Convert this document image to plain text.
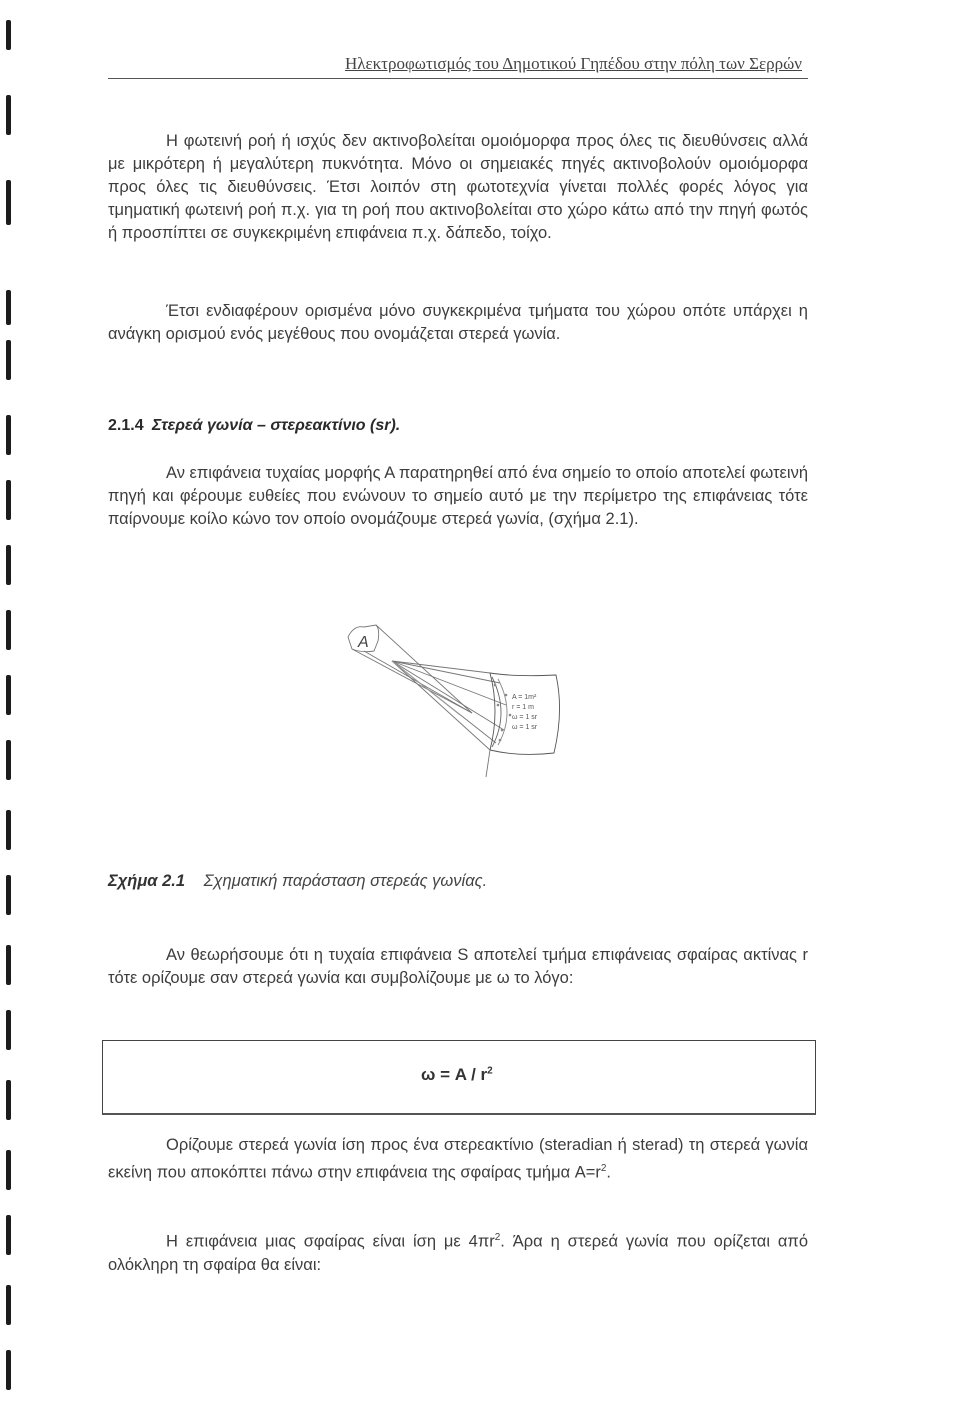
Ηλεκτροφωτισμός του Δημοτικού Γηπέδου στην πόλη των Σερρών

Η φωτεινή ροή ή ισχύς δεν ακτινοβολείται ομοιόμορφα προς όλες τις διευθύνσεις αλλά με μικρότερη ή μεγαλύτερη πυκνότητα. Μόνο οι σημειακές πηγές ακτινοβολούν ομοιόμορφα προς όλες τις διευθύνσεις. Έτσι λοιπόν στη φωτοτεχνία γίνεται πολλές φορές λόγος για τμηματική φωτεινή ροή π.χ. για τη ροή που ακτινοβολείται στο χώρο κάτω από την πηγή φωτός ή προσπίπτει σε συγκεκριμένη επιφάνεια π.χ. δάπεδο, τοίχο.

Έτσι ενδιαφέρουν ορισμένα μόνο συγκεκριμένα τμήματα του χώρου οπότε υπάρχει η ανάγκη ορισμού ενός μεγέθους που ονομάζεται στερεά γωνία.

2.1.4 Στερεά γωνία – στερεακτίνιο (sr).

Αν επιφάνεια τυχαίας μορφής Α παρατηρηθεί από ένα σημείο το οποίο αποτελεί φωτεινή πηγή και φέρουμε ευθείες που ενώνουν το σημείο αυτό με την περίμετρο της επιφάνειας τότε παίρνουμε κοίλο κώνο τον οποίο ονομάζουμε στερεά γωνία, (σχήμα 2.1).

A
A = 1m²
r = 1 m
ω = 1 sr
ω = 1 sr
Σχήμα 2.1 Σχηματική παράσταση στερεάς γωνίας.

Αν θεωρήσουμε ότι η τυχαία επιφάνεια S αποτελεί τμήμα επιφάνειας σφαίρας ακτίνας r τότε ορίζουμε σαν στερεά γωνία και συμβολίζουμε με ω το λόγο:

$\omega = A / r^2$

Ορίζουμε στερεά γωνία ίση προς ένα στερεακτίνιο (steradian ή sterad) τη στερεά γωνία εκείνη που αποκόπτει πάνω στην επιφάνεια της σφαίρας τμήμα $A=r^2$.

Η επιφάνεια μιας σφαίρας είναι ίση με $4\pi r^2$. Άρα η στερεά γωνία που ορίζεται από ολόκληρη τη σφαίρα θα είναι:
